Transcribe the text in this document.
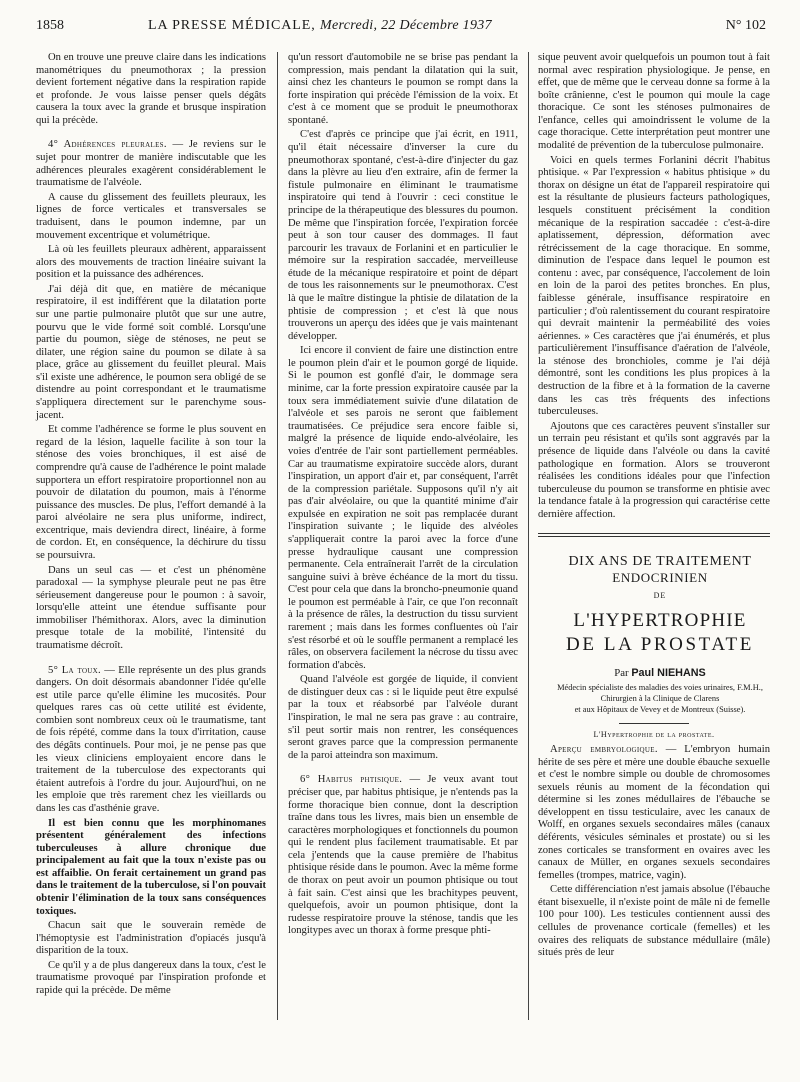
1858	LA PRESSE MÉDICALE, Mercredi, 22 Décembre 1937	N° 102

On en trouve une preuve claire dans les indications manométriques du pneumothorax ; la pression devient fortement négative dans la respiration rapide et profonde. Je vous laisse penser quels dégâts causera la toux avec la grande et brusque inspiration qui la précède.

4° Adhérences pleurales. — Je reviens sur le sujet pour montrer de manière indiscutable que les adhérences pleurales exagèrent considérablement le traumatisme de l'alvéole.

A cause du glissement des feuillets pleuraux, les lignes de force verticales et transversales se traduisent, dans le poumon indemne, par un mouvement excentrique et volumétrique.

Là où les feuillets pleuraux adhèrent, apparaissent alors des mouvements de traction linéaire suivant la position et la puissance des adhérences.

J'ai déjà dit que, en matière de mécanique respiratoire, il est indifférent que la dilatation porte sur une partie pulmonaire plutôt que sur une autre, pourvu que le vide formé soit comblé. Lorsqu'une partie du poumon, siège de sténoses, ne peut se dilater, une région saine du poumon se dilate à sa place, grâce au glissement du feuillet pleural. Mais s'il existe une adhérence, le poumon sera obligé de se distendre au point correspondant et le traumatisme s'appliquera directement sur le parenchyme sous-jacent.

Et comme l'adhérence se forme le plus souvent en regard de la lésion, laquelle facilite à son tour la sténose des voies bronchiques, il est aisé de comprendre qu'à cause de l'adhérence le point malade supportera un effort respiratoire proportionnel non au pouvoir de dilatation du poumon, mais à l'énorme puissance des muscles. De plus, l'effort demandé à la paroi alvéolaire ne sera plus uniforme, indirect, excentrique, mais deviendra direct, linéaire, à forme de cordon. Et, en conséquence, la déchirure du tissu se poursuivra.

Dans un seul cas — et c'est un phénomène paradoxal — la symphyse pleurale peut ne pas être sérieusement dangereuse pour le poumon : à savoir, lorsqu'elle atteint une étendue suffisante pour immobiliser l'hémithorax. Alors, avec la diminution presque totale de la mobilité, l'intensité du traumatisme décroît.

5° La toux. — Elle représente un des plus grands dangers. On doit désormais abandonner l'idée qu'elle est utile parce qu'elle élimine les mucosités. Pour quelques rares cas où cette utilité est évidente, combien sont nombreux ceux où le traumatisme, tant de fois répété, comme dans la toux d'irritation, cause des dégâts continuels. Pour moi, je ne pense pas que les vieux cliniciens employaient encore dans le traitement de la tuberculose des expectorants qui étaient autrefois à l'ordre du jour. Aujourd'hui, on ne les emploie que très rarement chez les vieillards ou dans les cas d'asthénie grave.

Il est bien connu que les morphinomanes présentent généralement des infections tuberculeuses à allure chronique due principalement au fait que la toux n'existe pas ou est affaiblie. On ferait certainement un grand pas dans le traitement de la tuberculose, si l'on pouvait obtenir l'élimination de la toux sans conséquences toxiques.

Chacun sait que le souverain remède de l'hémoptysie est l'administration d'opiacés jusqu'à disparition de la toux.

Ce qu'il y a de plus dangereux dans la toux, c'est le traumatisme provoqué par l'inspiration profonde et rapide qui la précède. De même

qu'un ressort d'automobile ne se brise pas pendant la compression, mais pendant la dilatation qui la suit, ainsi chez les chanteurs le poumon se rompt dans la forte inspiration qui précède l'émission de la voix. Et c'est à ce moment que se produit le pneumothorax spontané.

C'est d'après ce principe que j'ai écrit, en 1911, qu'il était nécessaire d'inverser la cure du pneumothorax spontané, c'est-à-dire d'injecter du gaz dans la plèvre au lieu d'en extraire, afin de fermer la fistule pulmonaire en éliminant le traumatisme inspiratoire qui tend à l'ouvrir : ceci constitue le principe de la thérapeutique des blessures du poumon. De même que l'inspiration forcée, l'expiration forcée peut à son tour causer des dommages. Il faut parcourir les travaux de Forlanini et en particulier le mémoire sur la respiration saccadée, merveilleuse étude de la mécanique respiratoire et point de départ de tous les raisonnements sur le pneumothorax. C'est là que le maître distingue la phtisie de dilatation de la phtisie de compression ; et c'est là que nous trouverons un aperçu des idées que je vais maintenant développer.

Ici encore il convient de faire une distinction entre le poumon plein d'air et le poumon gorgé de liquide. Si le poumon est gonflé d'air, le dommage sera minime, car la forte pression expiratoire causée par la toux sera immédiatement suivie d'une dilatation de l'alvéole et ses parois ne seront que faiblement traumatisées. Ce préjudice sera encore faible si, malgré la présence de liquide endo-alvéolaire, les voies d'entrée de l'air sont partiellement perméables. Car au traumatisme expiratoire succède alors, durant l'inspiration, un apport d'air et, par conséquent, l'arrêt de la compression pariétale. Supposons qu'il n'y ait pas d'air alvéolaire, ou que la quantité minime d'air expulsée en expiration ne soit pas remplacée durant l'inspiration suivante ; le liquide des alvéoles s'appliquerait contre la paroi avec la force d'une presse hydraulique causant une compression permanente. Cela entraînerait l'arrêt de la circulation sanguine suivi à brève échéance de la mort du tissu. C'est pour cela que dans la broncho-pneumonie quand le poumon est perméable à l'air, ce que l'on reconnaît à la présence de râles, la destruction du tissu survient rarement ; mais dans les formes confluentes où l'air s'est résorbé et où le souffle permanent a remplacé les râles, on observera facilement la nécrose du tissu avec formation d'abcès.

Quand l'alvéole est gorgée de liquide, il convient de distinguer deux cas : si le liquide peut être expulsé par la toux et réabsorbé par l'alvéole durant l'inspiration, le mal ne sera pas grave : au contraire, s'il peut sortir mais non rentrer, les conséquences seront graves parce que la compression permanente de la paroi atteindra son maximum.

6° Habitus phtisique. — Je veux avant tout préciser que, par habitus phtisique, je n'entends pas la forme thoracique bien connue, dont la description traîne dans tous les livres, mais bien un ensemble de caractères morphologiques et fonctionnels du poumon qui le rendent plus facilement traumatisable. Et par cela j'entends que la cause première de l'habitus phtisique réside dans le poumon. Avec la même forme de thorax on peut avoir un poumon phtisique ou tout à fait sain. C'est ainsi que les brachitypes peuvent, quelquefois, avoir un poumon phtisique, dont la rudesse respiratoire prouve la sténose, tandis que les longitypes avec un thorax à forme presque phti-

sique peuvent avoir quelquefois un poumon tout à fait normal avec respiration physiologique. Je pense, en effet, que de même que le cerveau donne sa forme à la boîte crânienne, c'est le poumon qui moule la cage thoracique. Ce sont les sténoses pulmonaires de l'enfance, celles qui amoindrissent le volume de la cage thoracique. Cette interprétation peut montrer une modalité de prévention de la tuberculose pulmonaire.

Voici en quels termes Forlanini décrit l'habitus phtisique. « Par l'expression « habitus phtisique » du thorax on désigne un état de l'appareil respiratoire qui est la résultante de plusieurs facteurs pathologiques, lesquels constituent précisément la condition mécanique de la respiration saccadée : c'est-à-dire aplatissement, dépression, déformation avec rétrécissement de la cage thoracique. En somme, diminution de l'espace dans lequel le poumon est contenu : avec, par conséquence, l'accolement de loin en loin de la paroi des petites bronches. En plus, faiblesse générale, insuffisance respiratoire en particulier ; d'où ralentissement du courant respiratoire qui devrait maintenir la perméabilité des voies aériennes. » Ces caractères que j'ai énumérés, et plus particulièrement l'insuffisance d'aération de l'alvéole, la sténose des bronchioles, comme je l'ai déjà démontré, sont les conditions les plus propices à la destruction de la fibre et à la formation de la caverne dans les cas très fréquents des infections tuberculeuses.

Ajoutons que ces caractères peuvent s'installer sur un terrain peu résistant et qu'ils sont aggravés par la présence de liquide dans l'alvéole ou dans la cavité pathologique en formation. Alors se trouveront réalisées les conditions idéales pour que l'infection tuberculeuse du poumon se transforme en phtisie avec la tendance fatale à la progression qui caractérise cette dernière affection.

DIX ANS DE TRAITEMENT

ENDOCRINIEN

DE

L'HYPERTROPHIE

DE LA PROSTATE

Par Paul NIEHANS

Médecin spécialiste des maladies des voies urinaires, F.M.H.,

Chirurgien à la Clinique de Clarens

et aux Hôpitaux de Vevey et de Montreux (Suisse).

L'Hypertrophie de la prostate.

Aperçu embryologique. — L'embryon humain hérite de ses père et mère une double ébauche sexuelle et c'est le nombre simple ou double de chromosomes sexuels réunis au moment de la fécondation qui détermine si les zones médullaires de l'ébauche se développent en tissu testiculaire, avec les canaux de Wolff, en organes sexuels secondaires mâles (canaux déférents, vésicules séminales et prostate) ou si les zones corticales se transforment en ovaires avec les canaux de Müller, en organes sexuels secondaires femelles (trompes, matrice, vagin).

Cette différenciation n'est jamais absolue (l'ébauche étant bisexuelle, il n'existe point de mâle ni de femelle 100 pour 100). Les testicules contiennent aussi des cellules de provenance corticale (femelles) et les ovaires des reliquats de substance médullaire (mâle) situés près de leur
